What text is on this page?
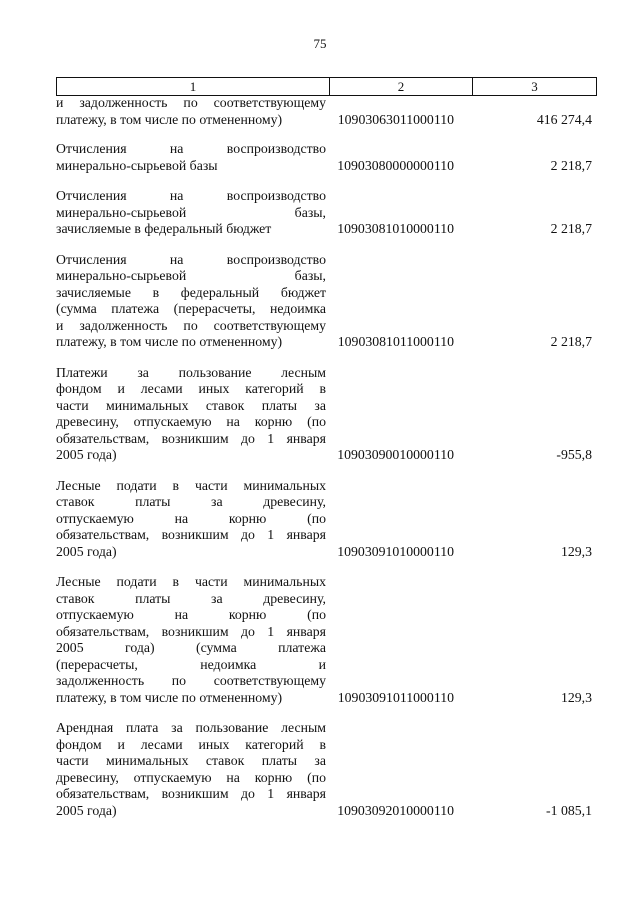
75
1	2	3
и задолженность по соответствующему
платежу, в том числе по отмененному)	10903063011000110	416 274,4
Отчисления на воспроизводство
минерально-сырьевой базы	10903080000000110	2 218,7
Отчисления на воспроизводство
минерально-сырьевой базы,
зачисляемые в федеральный бюджет	10903081010000110	2 218,7
Отчисления на воспроизводство
минерально-сырьевой базы,
зачисляемые в федеральный бюджет
(сумма платежа (перерасчеты, недоимка
и задолженность по соответствующему
платежу, в том числе по отмененному)	10903081011000110	2 218,7
Платежи за пользование лесным
фондом и лесами иных категорий в
части минимальных ставок платы за
древесину, отпускаемую на корню (по
обязательствам, возникшим до 1 января
2005 года)	10903090010000110	-955,8
Лесные подати в части минимальных
ставок платы за древесину,
отпускаемую на корню (по
обязательствам, возникшим до 1 января
2005 года)	10903091010000110	129,3
Лесные подати в части минимальных
ставок платы за древесину,
отпускаемую на корню (по
обязательствам, возникшим до 1 января
2005 года) (сумма платежа
(перерасчеты, недоимка и
задолженность по соответствующему
платежу, в том числе по отмененному)	10903091011000110	129,3
Арендная плата за пользование лесным
фондом и лесами иных категорий в
части минимальных ставок платы за
древесину, отпускаемую на корню (по
обязательствам, возникшим до 1 января
2005 года)	10903092010000110	-1 085,1
